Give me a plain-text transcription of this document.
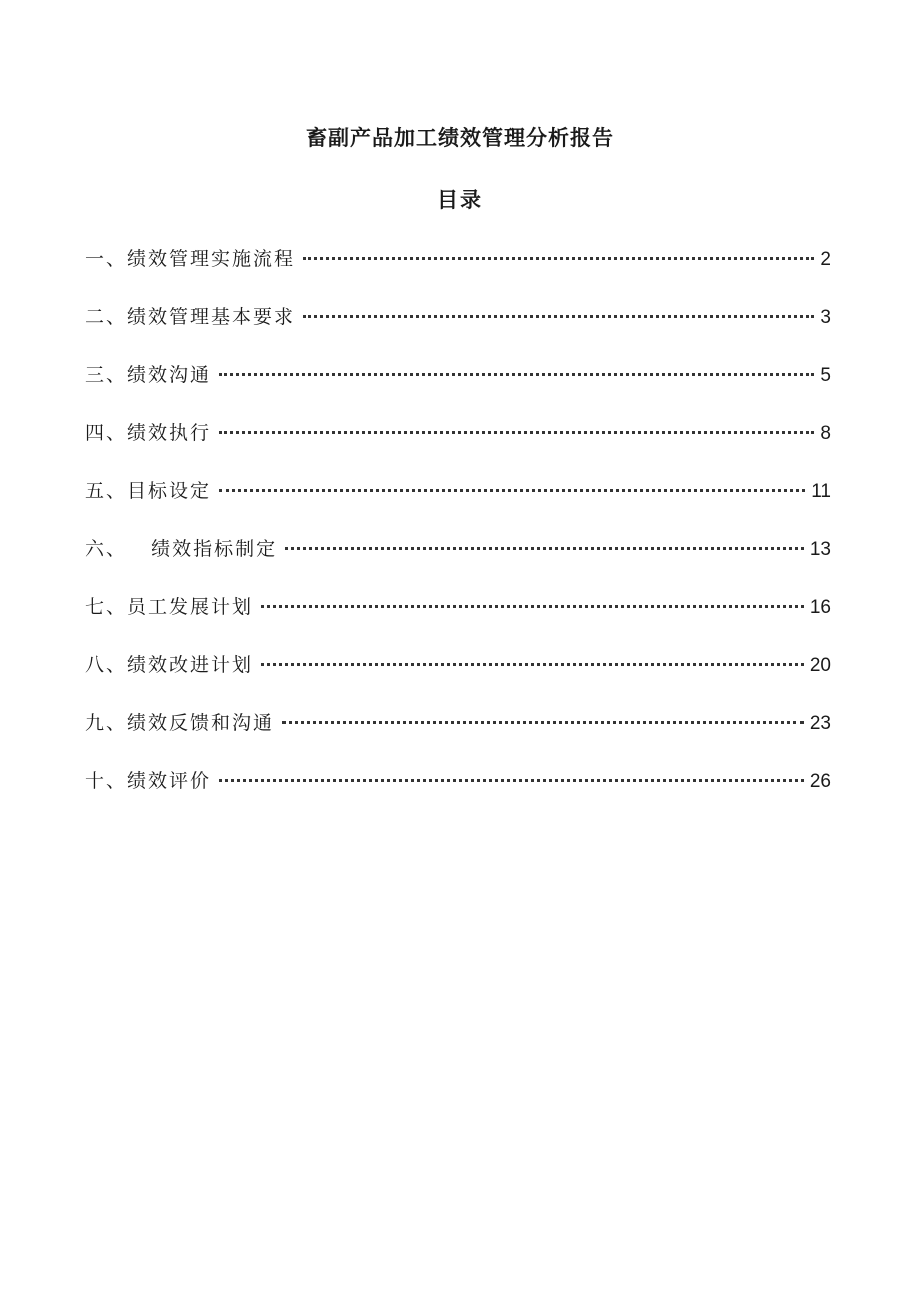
畜副产品加工绩效管理分析报告
目录
一、 绩效管理实施流程	2
二、 绩效管理基本要求	3
三、 绩效沟通	5
四、 绩效执行	8
五、 目标设定	11
六、 绩效指标制定	13
七、 员工发展计划	16
八、 绩效改进计划	20
九、 绩效反馈和沟通	23
十、 绩效评价	26
